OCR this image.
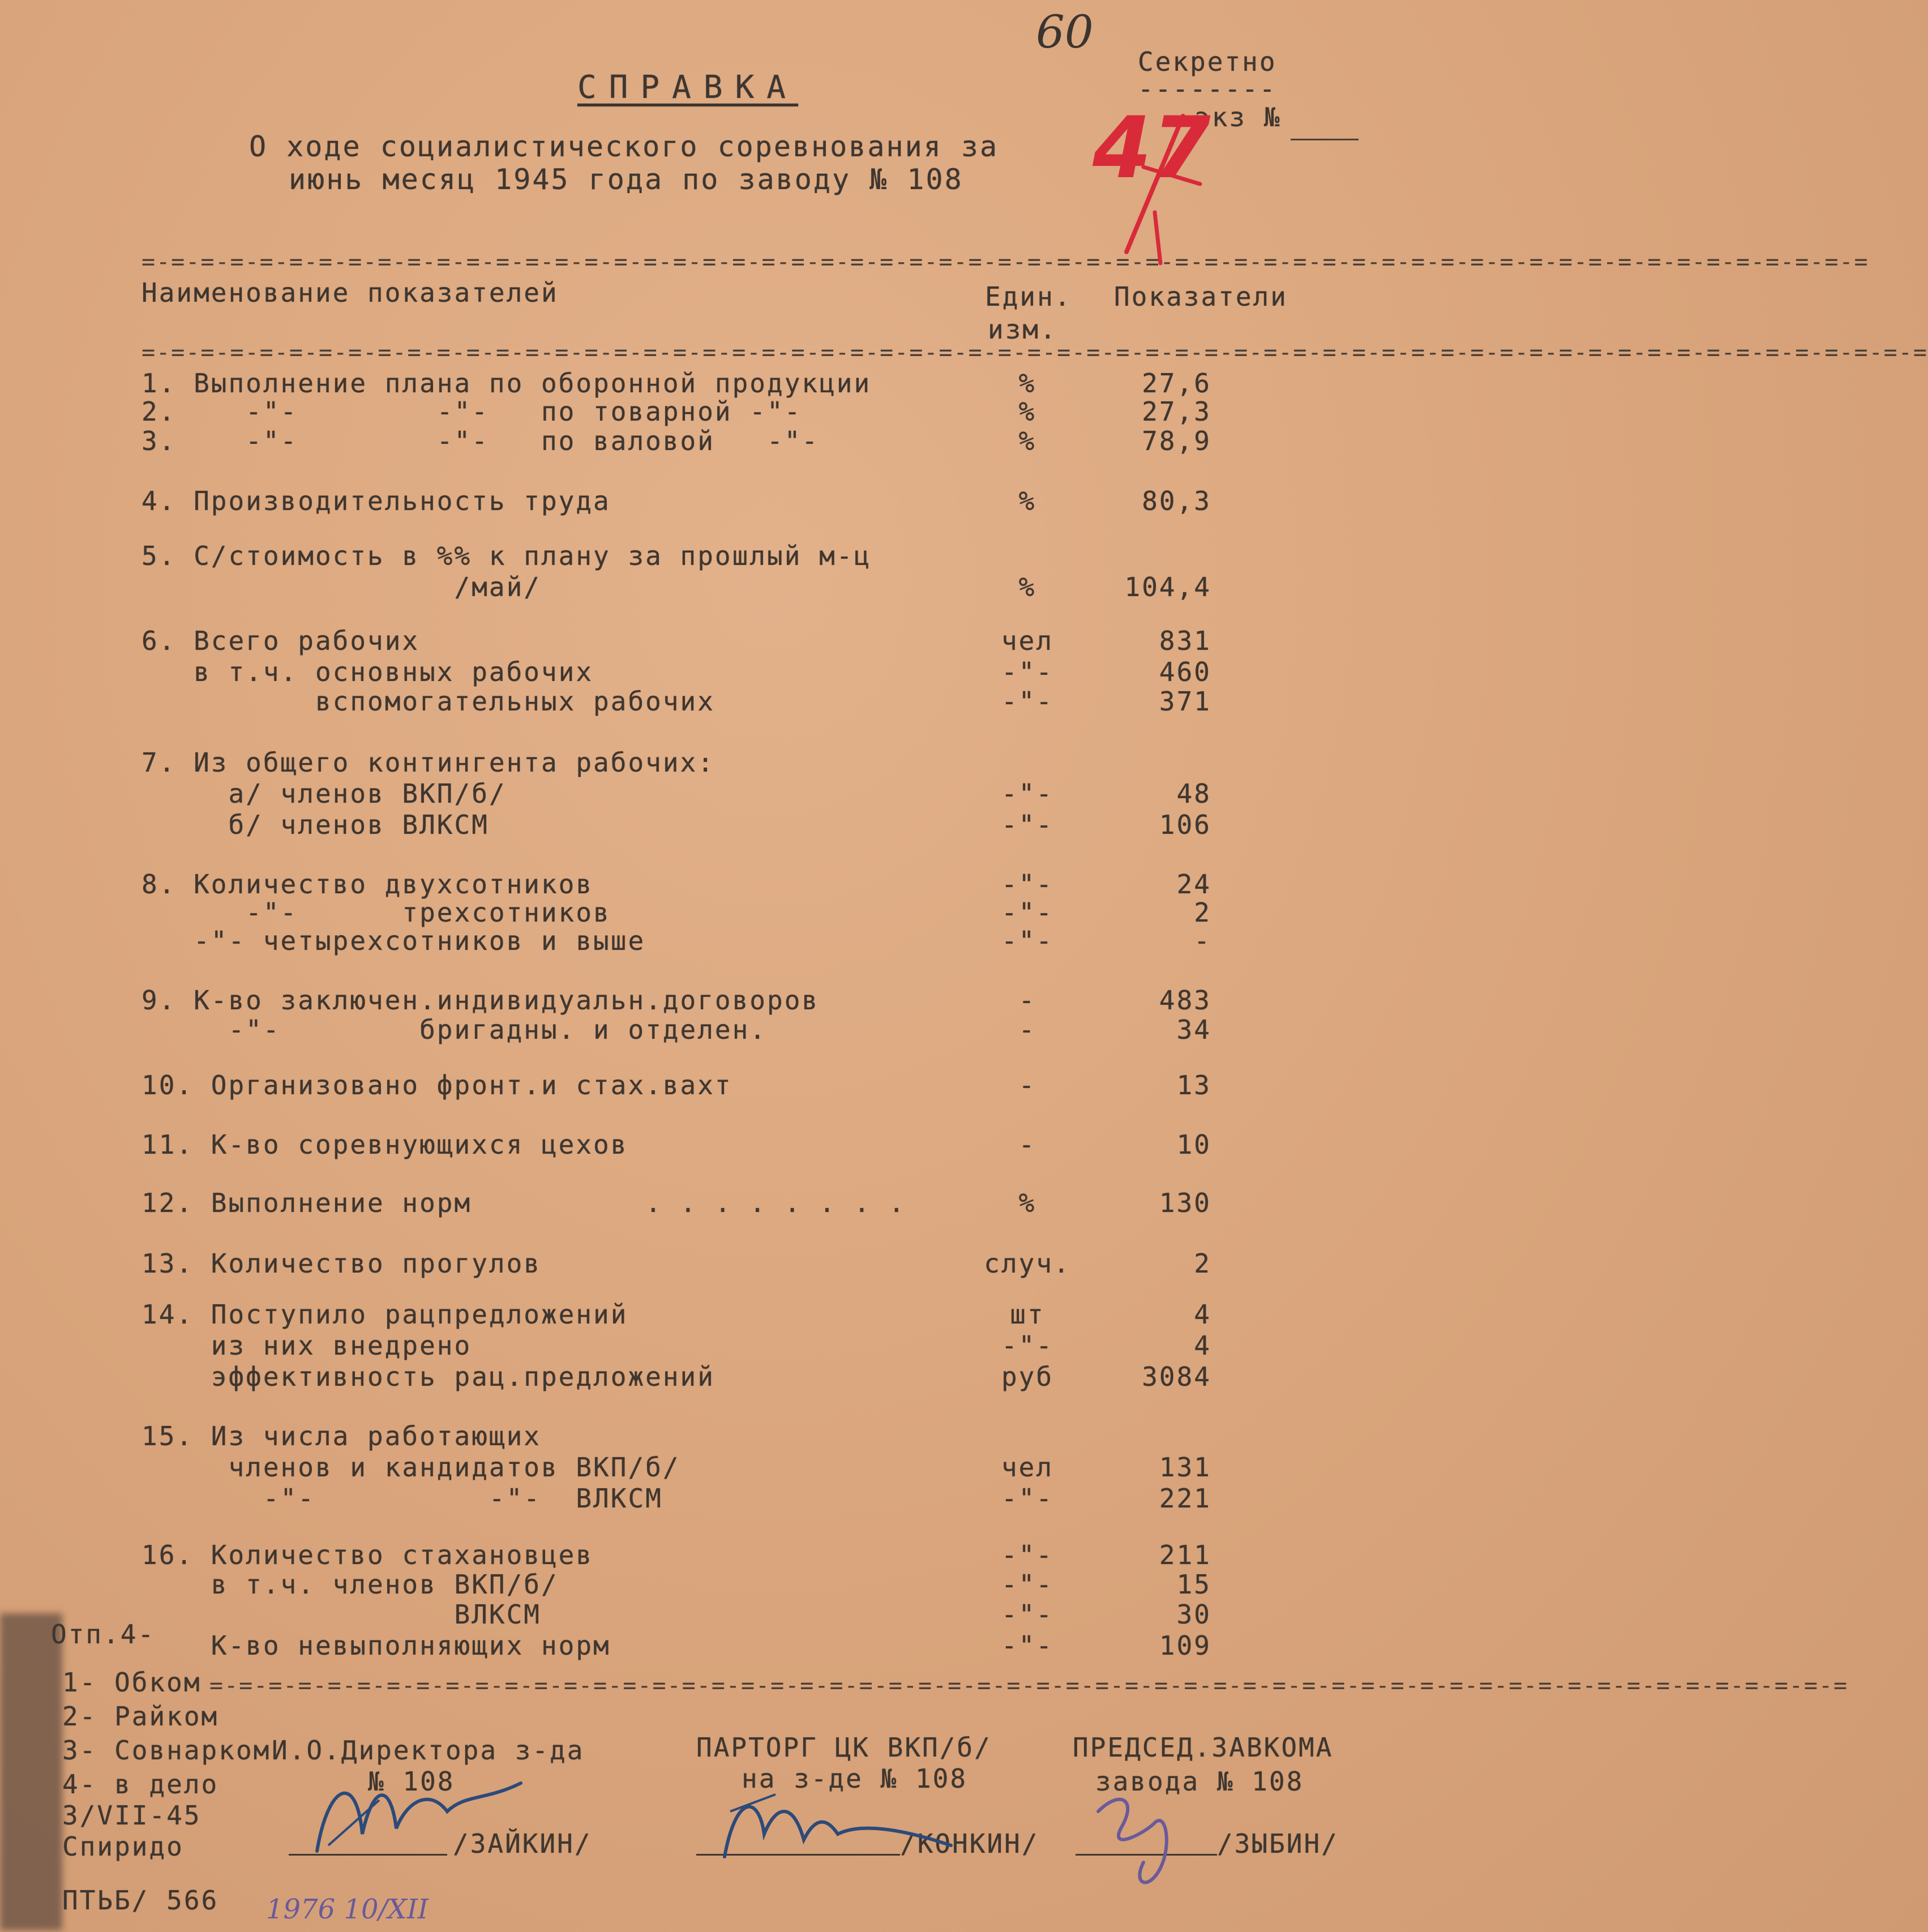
60
Секретно
--------
экз №

47

СПРАВКА
О ходе социалистического соревнования за
июнь месяц 1945 года по заводу № 108
=-=-=-=-=-=-=-=-=-=-=-=-=-=-=-=-=-=-=-=-=-=-=-=-=-=-=-=-=-=-=-=-=-=-=-=-=-=-=-=-=-=-=-=-=-=-=-=-=-=-=-=-=-=-=-=-=-=-=
Наименование показателей	Един.
изм.
Показатели
=-=-=-=-=-=-=-=-=-=-=-=-=-=-=-=-=-=-=-=-=-=-=-=-=-=-=-=-=-=-=-=-=-=-=-=-=-=-=-=-=-=-=-=-=-=-=-=-=-=-=-=-=-=-=-=-=-=-=-=-=
1. Выполнение плана по оборонной продукции	%	27,6
2.    -"-        -"-   по товарной -"-	%	27,3
3.    -"-        -"-   по валовой   -"-	%	78,9
4. Производительность труда	%	80,3
5. С/стоимость в %% к плану за прошлый м-ц
/май/	%	104,4
6. Всего рабочих	чел	831
в т.ч. основных рабочих	-"-	460
вспомогательных рабочих	-"-	371
7. Из общего контингента рабочих:
а/ членов ВКП/б/	-"-	48
б/ членов ВЛКСМ	-"-	106
8. Количество двухсотников	-"-	24
-"-      трехсотников	-"-	2
-"- четырехсотников и выше	-"-	-
9. К-во заключен.индивидуальн.договоров	-	483
-"-        бригадны. и отделен.	-	34
10. Организовано фронт.и стах.вахт	-	13
11. К-во соревнующихся цехов	-	10
12. Выполнение норм          . . . . . . . .	%	130
13. Количество прогулов	случ.	2
14. Поступило рацпредложений	шт	4
из них внедрено	-"-	4
эффективность рац.предложений	руб	3084
15. Из числа работающих
членов и кандидатов ВКП/б/	чел	131
-"-          -"-  ВЛКСМ	-"-	221
16. Количество стахановцев	-"-	211
в т.ч. членов ВКП/б/	-"-	15
ВЛКСМ	-"-	30
К-во невыполняющих норм	-"-	109
Отп.4-
1- Обком
2- Райком
3- Совнарком
4- в дело
3/VII-45
Спиридо
ПТЬБ/ 566
=-=-=-=-=-=-=-=-=-=-=-=-=-=-=-=-=-=-=-=-=-=-=-=-=-=-=-=-=-=-=-=-=-=-=-=-=-=-=-=-=-=-=-=-=-=-=-=-=-=-=-=-=-=-=-=
И.О.Директора з-да
№ 108
/ЗАЙКИН/
ПАРТОРГ ЦК ВКП/б/
на з-де № 108
/КОНКИН/
ПРЕДСЕД.ЗАВКОМА
завода № 108
/ЗЫБИН/
1976 10/XII
